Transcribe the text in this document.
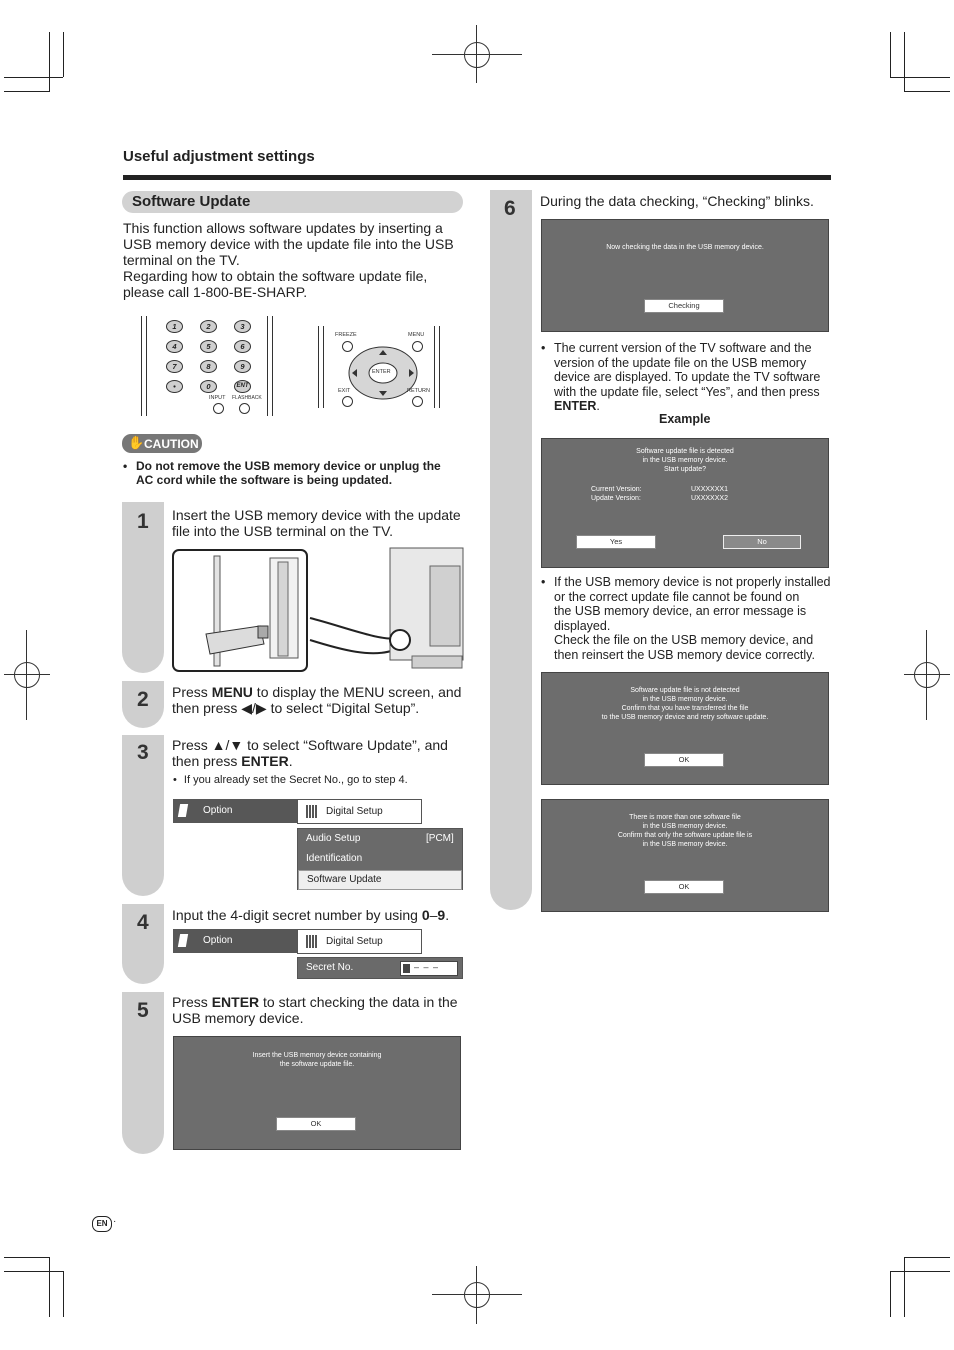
Useful adjustment settings
Software Update
This function allows software updates by inserting a
USB memory device with the update file into the USB
terminal on the TV.
Regarding how to obtain the software update file,
please call 1-800-BE-SHARP.
1	2	3
4	5	6
7	8	9
•	0	ENT
INPUT FLASHBACK
FREEZE	MENU
ENTER
EXIT	RETURN
✋ CAUTION
• Do not remove the USB memory device or unplug the
AC cord while the software is being updated.
1
2
3
4
5
6
Insert the USB memory device with the update
file into the USB terminal on the TV.
Press MENU to display the MENU screen, and
then press ◀/▶ to select “Digital Setup”.
Press ▲/▼ to select “Software Update”, and
then press ENTER.
• If you already set the Secret No., go to step 4.
Option	Digital Setup
Audio Setup	[PCM]
Identification
Software Update
Input the 4-digit secret number by using 0–9.
Option	Digital Setup
Secret No.	– – –
Press ENTER to start checking the data in the
USB memory device.
Insert the USB memory device containing
the software update file.
OK
During the data checking, “Checking” blinks.
Now checking the data in the USB memory device.
Checking
• The current version of the TV software and the
version of the update file on the USB memory
device are displayed. To update the TV software
with the update file, select “Yes”, and then press
ENTER.
Example
Software update file is detected
in the USB memory device.
Start update?
Current Version:	UXXXXXX1
Update Version:	UXXXXXX2
Yes	No
• If the USB memory device is not properly installed
or the correct update file cannot be found on
the USB memory device, an error message is
displayed.
Check the file on the USB memory device, and
then reinsert the USB memory device correctly.
Software update file is not detected
in the USB memory device.
Confirm that you have transferred the file
to the USB memory device and retry software update.
OK
There is more than one software file
in the USB memory device.
Confirm that only the software update file is
in the USB memory device.
OK
EN ·
